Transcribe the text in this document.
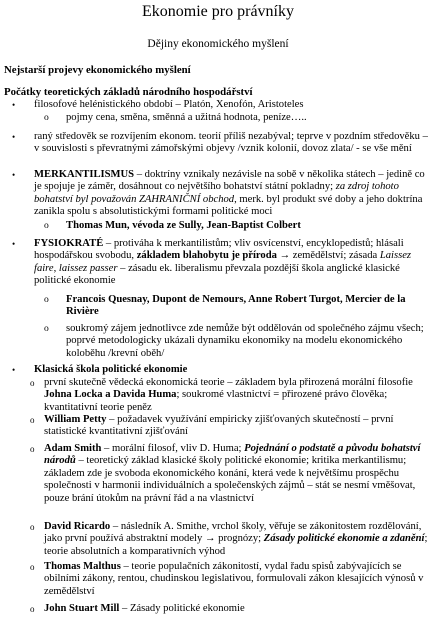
Ekonomie pro právníky
Dějiny ekonomického myšlení
Nejstarší projevy ekonomického myšlení
Počátky teoretických základů národního hospodářství
•	filosofové helénistického období – Platón, Xenofón, Aristoteles
o	pojmy cena, směna, směnná a užitná hodnota, peníze…..
•	raný středověk se rozvíjením ekonom. teorií příliš nezabýval; teprve v pozdním středověku – v souvislosti s převratnými zámořskými objevy /vznik kolonií, dovoz zlata/ - se vše mění
•	MERKANTILISMUS – doktríny vznikaly nezávisle na sobě v několika státech – jedině co je spojuje je záměr, dosáhnout co největšího bohatství státní pokladny; za zdroj tohoto bohatství byl považován ZAHRANIČNÍ obchod, merk. byl produkt své doby a jeho doktrína zanikla spolu s absolutistickými formami politické moci
o	Thomas Mun, vévoda ze Sully, Jean-Baptist Colbert
•	FYSIOKRATÉ – protiváha k merkantilistům; vliv osvícenství, encyklopedistů; hlásali hospodářskou svobodu, základem blahobytu je příroda → zemědělství; zásada Laissez faire, laissez passer – zásadu ek. liberalismu převzala pozdější škola anglické klasické politické ekonomie
o	Francois Quesnay, Dupont de Nemours, Anne Robert Turgot, Mercier de la Rivière
o	soukromý zájem jednotlivce zde nemůže být oddělován od společného zájmu všech; poprvé metodologicky ukázali dynamiku ekonomiky na modelu ekonomického koloběhu /krevní oběh/
•	Klasická škola politické ekonomie
o první skutečně vědecká ekonomická teorie – základem byla přirozená morální filosofie Johna Locka a Davida Huma; soukromé vlastnictví = přirozené právo člověka; kvantitativní teorie peněz
o William Petty – požadavek využívání empiricky zjišťovaných skutečností – první statistické kvantitativní zjišťování
o Adam Smith – morální filosof, vliv D. Huma; Pojednání o podstatě a původu bohatství národů – teoretický základ klasické školy politické ekonomie; kritika merkantilismu; základem zde je svoboda ekonomického konání, která vede k největšímu prospěchu společnosti v harmonii individuálních a společenských zájmů – stát se nesmí vměšovat, pouze brání útokům na právní řád a na vlastnictví
o David Ricardo – následník A. Smithe, vrchol školy, věřuje se zákonitostem rozdělování, jako první používá abstraktní modely → prognózy; Zásady politické ekonomie a zdanění; teorie absolutních a komparativních výhod
o Thomas Malthus – teorie populačních zákonitostí, vydal řadu spisů zabývajících se obilními zákony, rentou, chudinskou legislativou, formulovali zákon klesajících výnosů v zemědělství
o John Stuart Mill – Zásady politické ekonomie
